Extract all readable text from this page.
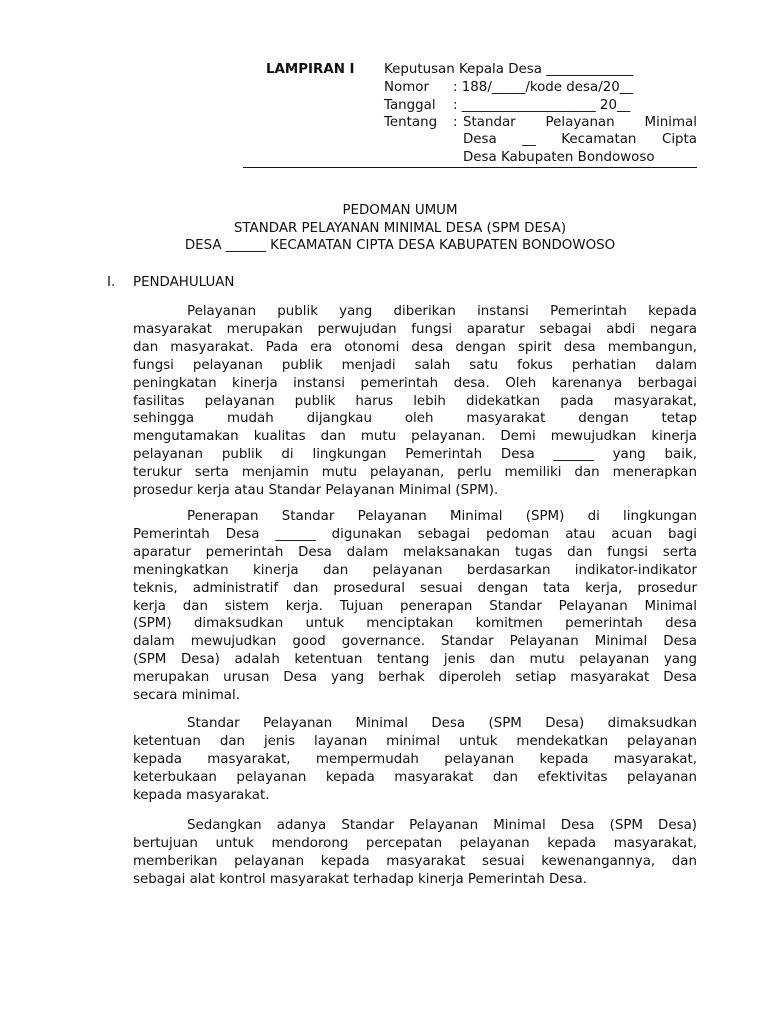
LAMPIRAN I Keputusan Kepala Desa _____________
Nomor : 188/_____/kode desa/20__
Tanggal : ____________________ 20__
Tentang : Standar Pelayanan Minimal
Desa __ Kecamatan Cipta
Desa Kabupaten Bondowoso
PEDOMAN UMUM
STANDAR PELAYANAN MINIMAL DESA (SPM DESA)
DESA ______ KECAMATAN CIPTA DESA KABUPATEN BONDOWOSO
I. PENDAHULUAN
Pelayanan publik yang diberikan instansi Pemerintah kepada
masyarakat merupakan perwujudan fungsi aparatur sebagai abdi negara
dan masyarakat. Pada era otonomi desa dengan spirit desa membangun,
fungsi pelayanan publik menjadi salah satu fokus perhatian dalam
peningkatan kinerja instansi pemerintah desa. Oleh karenanya berbagai
fasilitas pelayanan publik harus lebih didekatkan pada masyarakat,
sehingga mudah dijangkau oleh masyarakat dengan tetap
mengutamakan kualitas dan mutu pelayanan. Demi mewujudkan kinerja
pelayanan publik di lingkungan Pemerintah Desa ______ yang baik,
terukur serta menjamin mutu pelayanan, perlu memiliki dan menerapkan
prosedur kerja atau Standar Pelayanan Minimal (SPM).
Penerapan Standar Pelayanan Minimal (SPM) di lingkungan
Pemerintah Desa ______ digunakan sebagai pedoman atau acuan bagi
aparatur pemerintah Desa dalam melaksanakan tugas dan fungsi serta
meningkatkan kinerja dan pelayanan berdasarkan indikator-indikator
teknis, administratif dan prosedural sesuai dengan tata kerja, prosedur
kerja dan sistem kerja. Tujuan penerapan Standar Pelayanan Minimal
(SPM) dimaksudkan untuk menciptakan komitmen pemerintah desa
dalam mewujudkan good governance. Standar Pelayanan Minimal Desa
(SPM Desa) adalah ketentuan tentang jenis dan mutu pelayanan yang
merupakan urusan Desa yang berhak diperoleh setiap masyarakat Desa
secara minimal.
Standar Pelayanan Minimal Desa (SPM Desa) dimaksudkan
ketentuan dan jenis layanan minimal untuk mendekatkan pelayanan
kepada masyarakat, mempermudah pelayanan kepada masyarakat,
keterbukaan pelayanan kepada masyarakat dan efektivitas pelayanan
kepada masyarakat.
Sedangkan adanya Standar Pelayanan Minimal Desa (SPM Desa)
bertujuan untuk mendorong percepatan pelayanan kepada masyarakat,
memberikan pelayanan kepada masyarakat sesuai kewenangannya, dan
sebagai alat kontrol masyarakat terhadap kinerja Pemerintah Desa.
